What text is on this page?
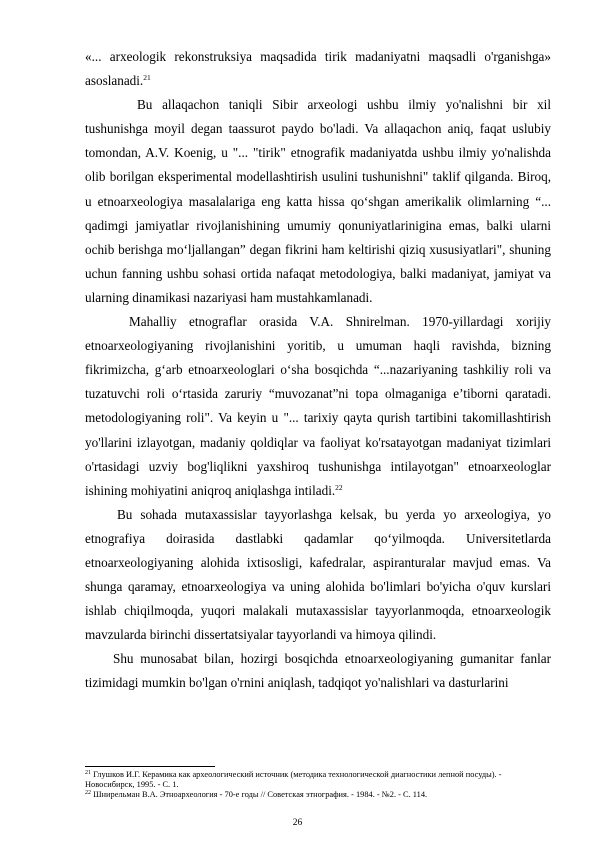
«... arxeologik rekonstruksiya maqsadida tirik madaniyatni maqsadli o'rganishga» asoslanadi.$^{21}$

Bu allaqachon taniqli Sibir arxeologi ushbu ilmiy yo'nalishni bir xil tushunishga moyil degan taassurot paydo bo'ladi. Va allaqachon aniq, faqat uslubiy tomondan, A.V. Koenig, u "... "tirik" etnografik madaniyatda ushbu ilmiy yo'nalishda olib borilgan eksperimental modellashtirish usulini tushunishni" taklif qilganda. Biroq, u etnoarxeologiya masalalariga eng katta hissa qo‘shgan amerikalik olimlarning “... qadimgi jamiyatlar rivojlanishining umumiy qonuniyatlarinigina emas, balki ularni ochib berishga mo‘ljallangan” degan fikrini ham keltirishi qiziq xususiyatlari", shuning uchun fanning ushbu sohasi ortida nafaqat metodologiya, balki madaniyat, jamiyat va ularning dinamikasi nazariyasi ham mustahkamlanadi.

Mahalliy etnograflar orasida V.A. Shnirelman. 1970-yillardagi xorijiy etnoarxeologiyaning rivojlanishini yoritib, u umuman haqli ravishda, bizning fikrimizcha, g‘arb etnoarxeologlari o‘sha bosqichda “...nazariyaning tashkiliy roli va tuzatuvchi roli o‘rtasida zaruriy “muvozanat”ni topa olmaganiga e’tiborni qaratadi. metodologiyaning roli". Va keyin u "... tarixiy qayta qurish tartibini takomillashtirish yo'llarini izlayotgan, madaniy qoldiqlar va faoliyat ko'rsatayotgan madaniyat tizimlari o'rtasidagi uzviy bog'liqlikni yaxshiroq tushunishga intilayotgan" etnoarxeologlar ishining mohiyatini aniqroq aniqlashga intiladi.$^{22}$

Bu sohada mutaxassislar tayyorlashga kelsak, bu yerda yo arxeologiya, yo etnografiya doirasida dastlabki qadamlar qo‘yilmoqda. Universitetlarda etnoarxeologiyaning alohida ixtisosligi, kafedralar, aspiranturalar mavjud emas. Va shunga qaramay, etnoarxeologiya va uning alohida bo'limlari bo'yicha o'quv kurslari ishlab chiqilmoqda, yuqori malakali mutaxassislar tayyorlanmoqda, etnoarxeologik mavzularda birinchi dissertatsiyalar tayyorlandi va himoya qilindi.

Shu munosabat bilan, hozirgi bosqichda etnoarxeologiyaning gumanitar fanlar tizimidagi mumkin bo'lgan o'rnini aniqlash, tadqiqot yo'nalishlari va dasturlarini

$^{21}$ Глушков И.Г. Керамика как археологический источник (методика технологической диагностики лепной посуды). - Новосибирск, 1995. - С. 1.
$^{22}$ Шнирельман В.А. Этноархеология - 70-е годы // Советская этнография. - 1984. - №2. - С. 114.
26
